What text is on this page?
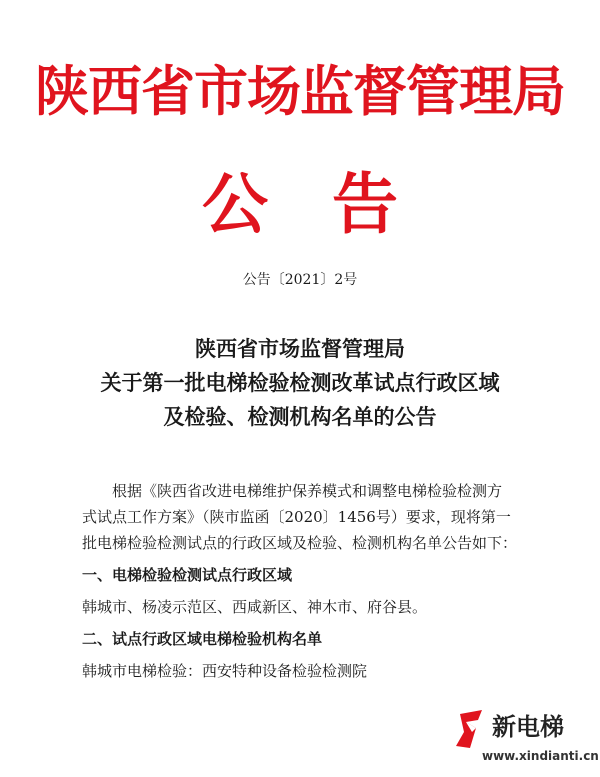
陕西省市场监督管理局
公告
公告〔2021〕2号
陕西省市场监督管理局
关于第一批电梯检验检测改革试点行政区域
及检验、检测机构名单的公告

根据《陕西省改进电梯维护保养模式和调整电梯检验检测方

式试点工作方案》（陕市监函〔2020〕1456号）要求，现将第一

批电梯检验检测试点的行政区域及检验、检测机构名单公告如下：

一、电梯检验检测试点行政区域

韩城市、杨凌示范区、西咸新区、神木市、府谷县。

二、试点行政区域电梯检验机构名单

韩城市电梯检验：西安特种设备检验检测院

新电梯
www.xindianti.cn
